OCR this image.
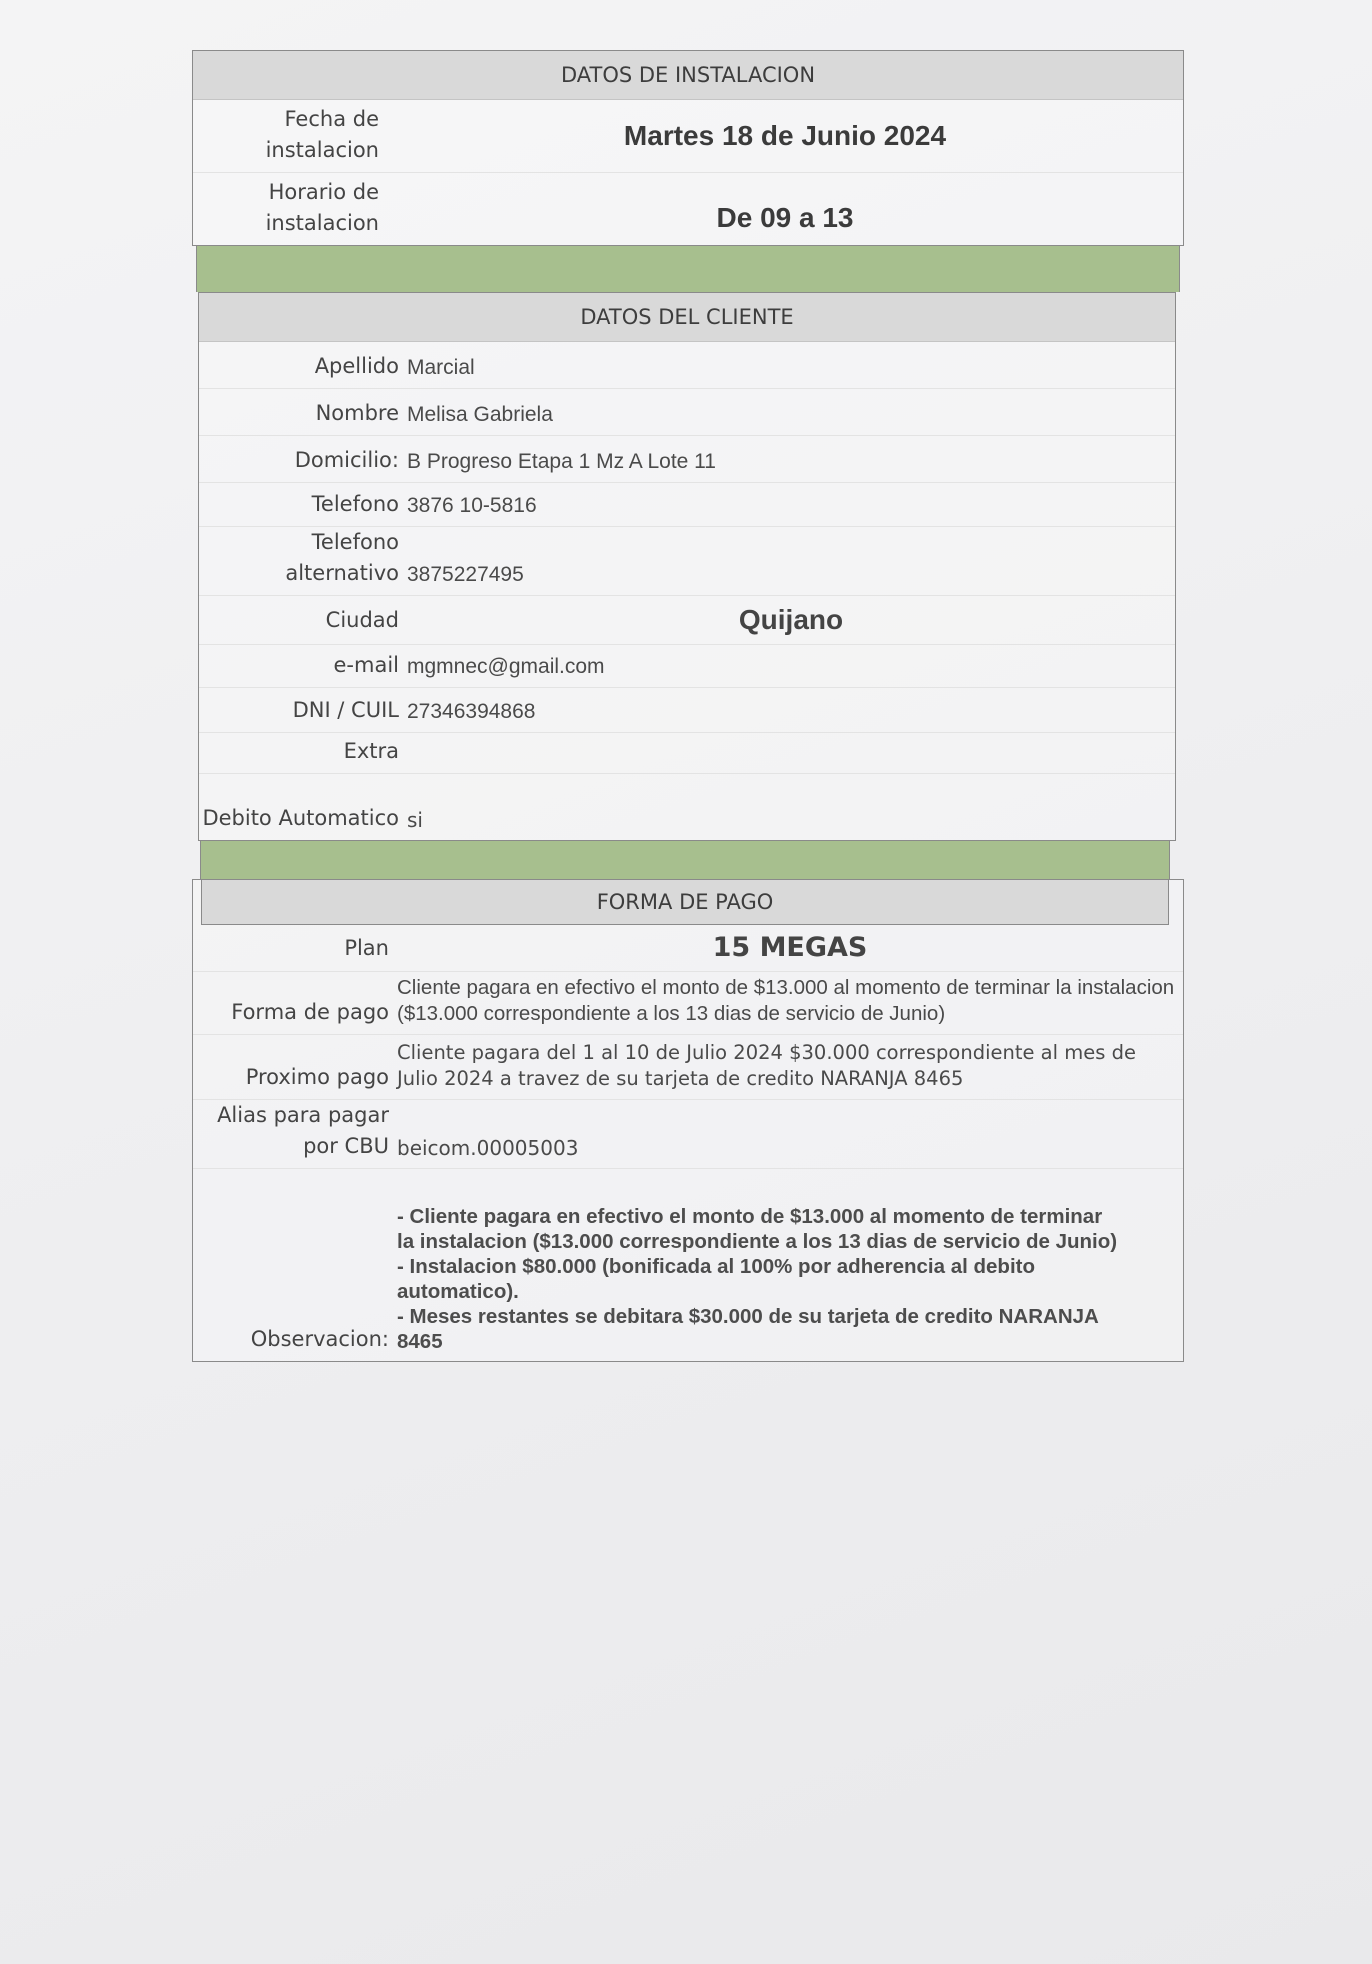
DATOS DE INSTALACION
Fecha de instalacion	Martes 18 de Junio 2024
Horario de instalacion	De 09 a 13
DATOS DEL CLIENTE
Apellido Marcial
Nombre Melisa Gabriela
Domicilio: B Progreso Etapa 1 Mz A Lote 11
Telefono 3876 10-5816
Telefono alternativo 3875227495
Ciudad	Quijano
e-mail mgmnec@gmail.com
DNI / CUIL 27346394868
Extra
Debito Automatico si
FORMA DE PAGO
Plan	15 MEGAS
Forma de pago
Cliente pagara en efectivo el monto de $13.000 al momento de terminar la instalacion ($13.000 correspondiente a los 13 dias de servicio de Junio)
Proximo pago
Cliente pagara del 1 al 10 de Julio 2024 $30.000 correspondiente al mes de Julio 2024 a travez de su tarjeta de credito NARANJA 8465
Alias para pagar por CBU beicom.00005003
Observacion:
- Cliente pagara en efectivo el monto de $13.000 al momento de terminar la instalacion ($13.000 correspondiente a los 13 dias de servicio de Junio)
- Instalacion $80.000 (bonificada al 100% por adherencia al debito automatico).
- Meses restantes se debitara $30.000 de su tarjeta de credito NARANJA 8465
